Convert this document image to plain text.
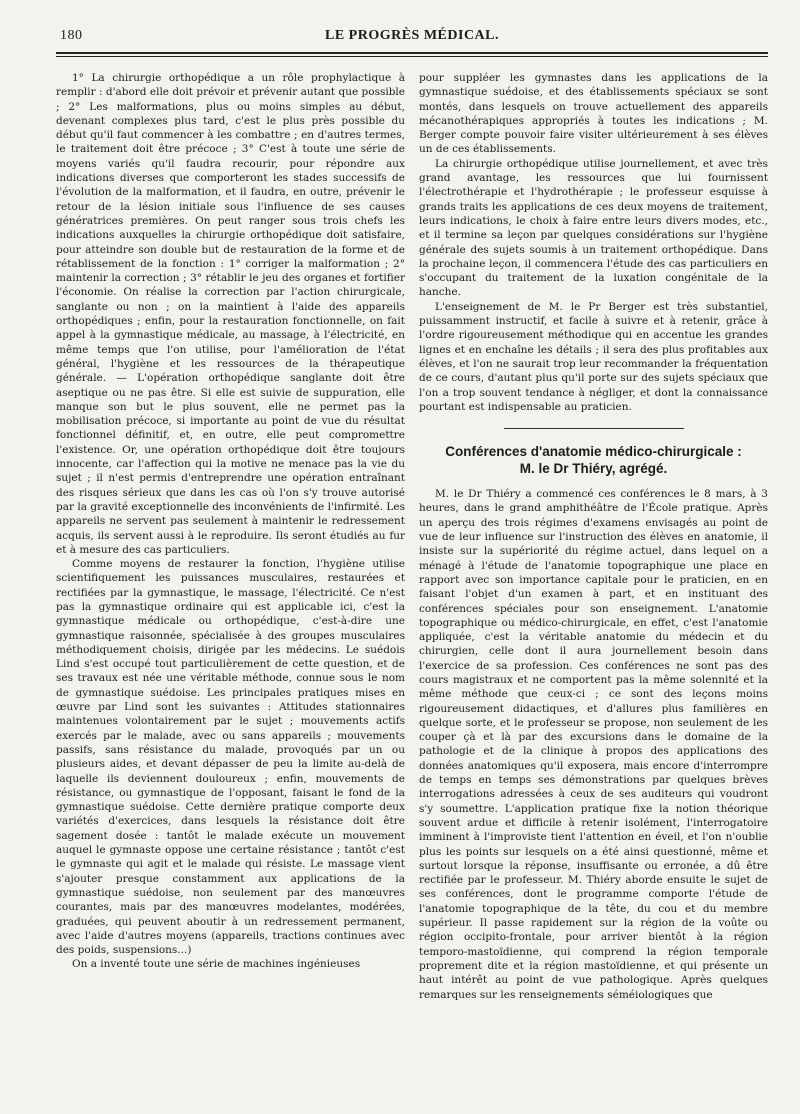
180	LE PROGRÈS MÉDICAL.

1° La chirurgie orthopédique a un rôle prophylactique à remplir : d'abord elle doit prévoir et prévenir autant que possible ; 2° Les malformations, plus ou moins simples au début, devenant complexes plus tard, c'est le plus près possible du début qu'il faut commencer à les combattre ; en d'autres termes, le traitement doit être précoce ; 3° C'est à toute une série de moyens variés qu'il faudra recourir, pour répondre aux indications diverses que comporteront les stades successifs de l'évolution de la malformation, et il faudra, en outre, prévenir le retour de la lésion initiale sous l'influence de ses causes génératrices premières. On peut ranger sous trois chefs les indications auxquelles la chirurgie orthopédique doit satisfaire, pour atteindre son double but de restauration de la forme et de rétablissement de la fonction : 1° corriger la malformation ; 2° maintenir la correction ; 3° rétablir le jeu des organes et fortifier l'économie. On réalise la correction par l'action chirurgicale, sanglante ou non ; on la maintient à l'aide des appareils orthopédiques ; enfin, pour la restauration fonctionnelle, on fait appel à la gymnastique médicale, au massage, à l'électricité, en même temps que l'on utilise, pour l'amélioration de l'état général, l'hygiène et les ressources de la thérapeutique générale. — L'opération orthopédique sanglante doit être aseptique ou ne pas être. Si elle est suivie de suppuration, elle manque son but le plus souvent, elle ne permet pas la mobilisation précoce, si importante au point de vue du résultat fonctionnel définitif, et, en outre, elle peut compromettre l'existence. Or, une opération orthopédique doit être toujours innocente, car l'affection qui la motive ne menace pas la vie du sujet ; il n'est permis d'entreprendre une opération entraînant des risques sérieux que dans les cas où l'on s'y trouve autorisé par la gravité exceptionnelle des inconvénients de l'infirmité. Les appareils ne servent pas seulement à maintenir le redressement acquis, ils servent aussi à le reproduire. Ils seront étudiés au fur et à mesure des cas particuliers.

Comme moyens de restaurer la fonction, l'hygiène utilise scientifiquement les puissances musculaires, restaurées et rectifiées par la gymnastique, le massage, l'électricité. Ce n'est pas la gymnastique ordinaire qui est applicable ici, c'est la gymnastique médicale ou orthopédique, c'est-à-dire une gymnastique raisonnée, spécialisée à des groupes musculaires méthodiquement choisis, dirigée par les médecins. Le suédois Lind s'est occupé tout particulièrement de cette question, et de ses travaux est née une véritable méthode, connue sous le nom de gymnastique suédoise. Les principales pratiques mises en œuvre par Lind sont les suivantes : Attitudes stationnaires maintenues volontairement par le sujet ; mouvements actifs exercés par le malade, avec ou sans appareils ; mouvements passifs, sans résistance du malade, provoqués par un ou plusieurs aides, et devant dépasser de peu la limite au-delà de laquelle ils deviennent douloureux ; enfin, mouvements de résistance, ou gymnastique de l'opposant, faisant le fond de la gymnastique suédoise. Cette dernière pratique comporte deux variétés d'exercices, dans lesquels la résistance doit être sagement dosée : tantôt le malade exécute un mouvement auquel le gymnaste oppose une certaine résistance ; tantôt c'est le gymnaste qui agit et le malade qui résiste. Le massage vient s'ajouter presque constamment aux applications de la gymnastique suédoise, non seulement par des manœuvres courantes, mais par des manœuvres modelantes, modérées, graduées, qui peuvent aboutir à un redressement permanent, avec l'aide d'autres moyens (appareils, tractions continues avec des poids, suspensions...)

On a inventé toute une série de machines ingénieuses

pour suppléer les gymnastes dans les applications de la gymnastique suédoise, et des établissements spéciaux se sont montés, dans lesquels on trouve actuellement des appareils mécanothérapiques appropriés à toutes les indications ; M. Berger compte pouvoir faire visiter ultérieurement à ses élèves un de ces établissements.

La chirurgie orthopédique utilise journellement, et avec très grand avantage, les ressources que lui fournissent l'électrothérapie et l'hydrothérapie ; le professeur esquisse à grands traits les applications de ces deux moyens de traitement, leurs indications, le choix à faire entre leurs divers modes, etc., et il termine sa leçon par quelques considérations sur l'hygiène générale des sujets soumis à un traitement orthopédique. Dans la prochaine leçon, il commencera l'étude des cas particuliers en s'occupant du traitement de la luxation congénitale de la hanche.

L'enseignement de M. le Pr Berger est très substantiel, puissamment instructif, et facile à suivre et à retenir, grâce à l'ordre rigoureusement méthodique qui en accentue les grandes lignes et en enchaîne les détails ; il sera des plus profitables aux élèves, et l'on ne saurait trop leur recommander la fréquentation de ce cours, d'autant plus qu'il porte sur des sujets spéciaux que l'on a trop souvent tendance à négliger, et dont la connaissance pourtant est indispensable au praticien.

Conférences d'anatomie médico-chirurgicale :
M. le Dr Thiéry, agrégé.

M. le Dr Thiéry a commencé ces conférences le 8 mars, à 3 heures, dans le grand amphithéâtre de l'École pratique. Après un aperçu des trois régimes d'examens envisagés au point de vue de leur influence sur l'instruction des élèves en anatomie, il insiste sur la supériorité du régime actuel, dans lequel on a ménagé à l'étude de l'anatomie topographique une place en rapport avec son importance capitale pour le praticien, en en faisant l'objet d'un examen à part, et en instituant des conférences spéciales pour son enseignement. L'anatomie topographique ou médico-chirurgicale, en effet, c'est l'anatomie appliquée, c'est la véritable anatomie du médecin et du chirurgien, celle dont il aura journellement besoin dans l'exercice de sa profession. Ces conférences ne sont pas des cours magistraux et ne comportent pas la même solennité et la même méthode que ceux-ci ; ce sont des leçons moins rigoureusement didactiques, et d'allures plus familières en quelque sorte, et le professeur se propose, non seulement de les couper çà et là par des excursions dans le domaine de la pathologie et de la clinique à propos des applications des données anatomiques qu'il exposera, mais encore d'interrompre de temps en temps ses démonstrations par quelques brèves interrogations adressées à ceux de ses auditeurs qui voudront s'y soumettre. L'application pratique fixe la notion théorique souvent ardue et difficile à retenir isolément, l'interrogatoire imminent à l'improviste tient l'attention en éveil, et l'on n'oublie plus les points sur lesquels on a été ainsi questionné, même et surtout lorsque la réponse, insuffisante ou erronée, a dû être rectifiée par le professeur. M. Thiéry aborde ensuite le sujet de ses conférences, dont le programme comporte l'étude de l'anatomie topographique de la tête, du cou et du membre supérieur. Il passe rapidement sur la région de la voûte ou région occipito-frontale, pour arriver bientôt à la région temporo-mastoïdienne, qui comprend la région temporale proprement dite et la région mastoïdienne, et qui présente un haut intérêt au point de vue pathologique. Après quelques remarques sur les renseignements séméiologiques que
